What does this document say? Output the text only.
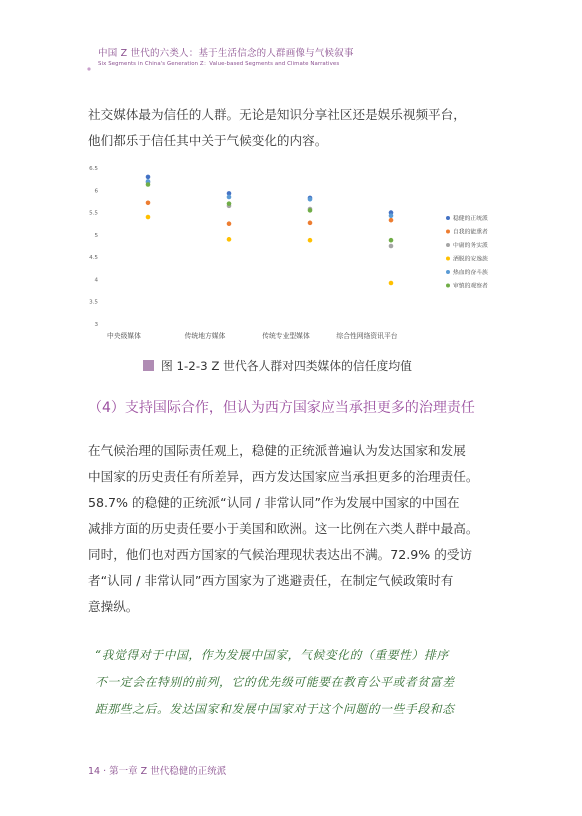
中国 Z 世代的六类人：基于生活信念的人群画像与气候叙事
Six Segments in China's Generation Z：Value-based Segments and Climate Narratives
社交媒体最为信任的人群。无论是知识分享社区还是娱乐视频平台，
他们都乐于信任其中关于气候变化的内容。
6.5
6
5.5
5
4.5
4
3.5
3
中央级媒体	传统地方媒体	传统专业型媒体	综合性网络资讯平台
稳健的正统派
自我的能熏者
中庸的务实派
洒脱的安逸族
热血的奋斗族
审慎的观察者
图 1-2-3 Z 世代各人群对四类媒体的信任度均值
（4）支持国际合作，但认为西方国家应当承担更多的治理责任
在气候治理的国际责任观上，稳健的正统派普遍认为发达国家和发展
中国家的历史责任有所差异，西方发达国家应当承担更多的治理责任。
58.7% 的稳健的正统派“认同 / 非常认同”作为发展中国家的中国在
减排方面的历史责任要小于美国和欧洲。这一比例在六类人群中最高。
同时，他们也对西方国家的气候治理现状表达出不满。72.9% 的受访
者“认同 / 非常认同”西方国家为了逃避责任，在制定气候政策时有
意操纵。
“我觉得对于中国，作为发展中国家，气候变化的（重要性）排序
不一定会在特别的前列，它的优先级可能要在教育公平或者贫富差
距那些之后。发达国家和发展中国家对于这个问题的一些手段和态
14 · 第一章 Z 世代稳健的正统派
